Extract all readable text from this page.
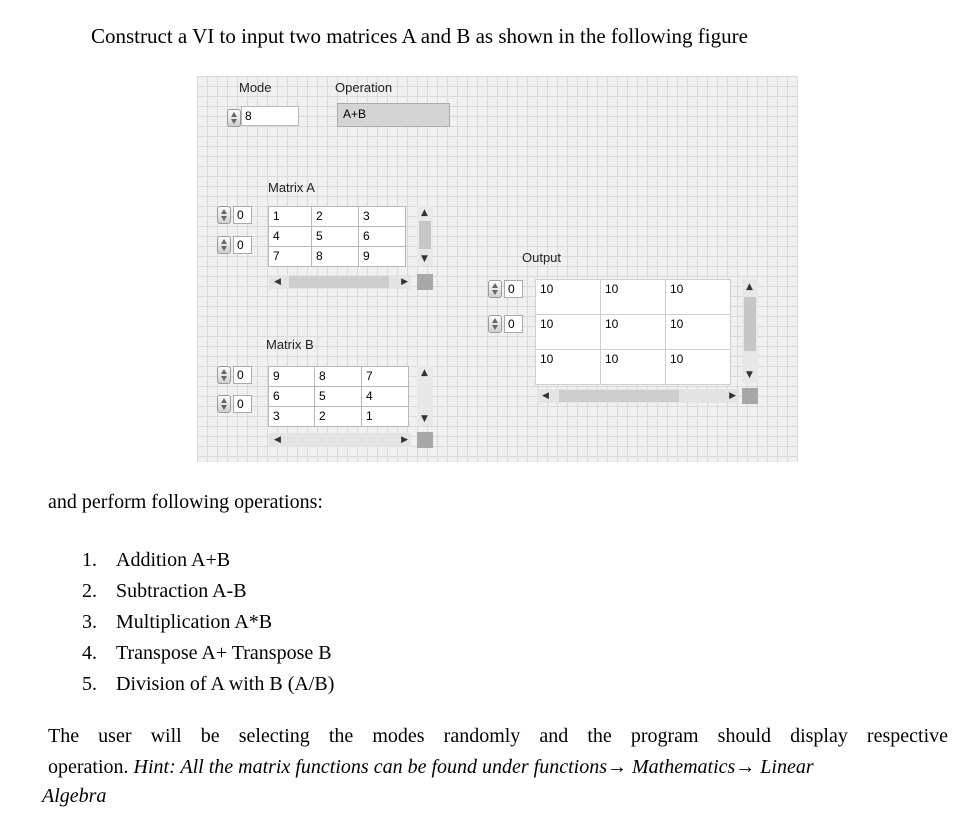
Construct a VI to input two matrices A and B as shown in the following figure
Mode
8
Operation
A+B
Matrix A
0
0
1	2	3
4	5	6
7	8	9
▲
▼
◀	▶
Matrix B
0
0
9	8	7
6	5	4
3	2	1
▲
▼
◀	▶
Output
0
0
10	10	10
10	10	10
10	10	10
▲
▼
◀	▶
and perform following operations:
1. Addition A+B
2. Subtraction A-B
3. Multiplication A*B
4. Transpose A+ Transpose B
5. Division of A with B (A/B)
The user will be selecting the modes randomly and the program should display respective
operation. Hint: All the matrix functions can be found under functions→ Mathematics→ Linear
Algebra
